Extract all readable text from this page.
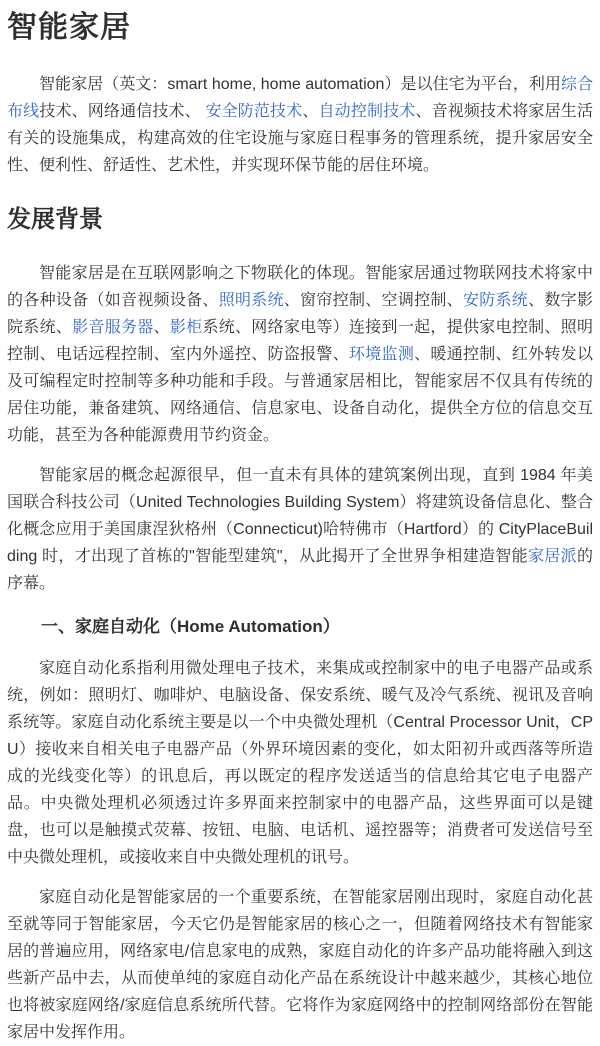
智能家居

智能家居（英文：smart home, home automation）是以住宅为平台，利用综合布线技术、网络通信技术、 安全防范技术、自动控制技术、音视频技术将家居生活有关的设施集成，构建高效的住宅设施与家庭日程事务的管理系统，提升家居安全性、便利性、舒适性、艺术性，并实现环保节能的居住环境。

发展背景

智能家居是在互联网影响之下物联化的体现。智能家居通过物联网技术将家中的各种设备（如音视频设备、照明系统、窗帘控制、空调控制、安防系统、数字影院系统、影音服务器、影柜系统、网络家电等）连接到一起，提供家电控制、照明控制、电话远程控制、室内外遥控、防盗报警、环境监测、暖通控制、红外转发以及可编程定时控制等多种功能和手段。与普通家居相比，智能家居不仅具有传统的居住功能，兼备建筑、网络通信、信息家电、设备自动化，提供全方位的信息交互功能，甚至为各种能源费用节约资金。

智能家居的概念起源很早，但一直未有具体的建筑案例出现，直到 1984 年美国联合科技公司（United Technologies Building System）将建筑设备信息化、整合化概念应用于美国康涅狄格州（Connecticut)哈特佛市（Hartford）的 CityPlaceBuilding 时，才出现了首栋的"智能型建筑"，从此揭开了全世界争相建造智能家居派的序幕。

一、家庭自动化（Home Automation）

家庭自动化系指利用微处理电子技术，来集成或控制家中的电子电器产品或系统，例如：照明灯、咖啡炉、电脑设备、保安系统、暖气及冷气系统、视讯及音响系统等。家庭自动化系统主要是以一个中央微处理机（Central Processor Unit，CPU）接收来自相关电子电器产品（外界环境因素的变化，如太阳初升或西落等所造成的光线变化等）的讯息后，再以既定的程序发送适当的信息给其它电子电器产品。中央微处理机必须透过许多界面来控制家中的电器产品，这些界面可以是键盘，也可以是触摸式荧幕、按钮、电脑、电话机、遥控器等；消费者可发送信号至中央微处理机，或接收来自中央微处理机的讯号。

家庭自动化是智能家居的一个重要系统，在智能家居刚出现时，家庭自动化甚至就等同于智能家居，今天它仍是智能家居的核心之一，但随着网络技术有智能家居的普遍应用，网络家电/信息家电的成熟，家庭自动化的许多产品功能将融入到这些新产品中去，从而使单纯的家庭自动化产品在系统设计中越来越少，其核心地位也将被家庭网络/家庭信息系统所代替。它将作为家庭网络中的控制网络部份在智能家居中发挥作用。
